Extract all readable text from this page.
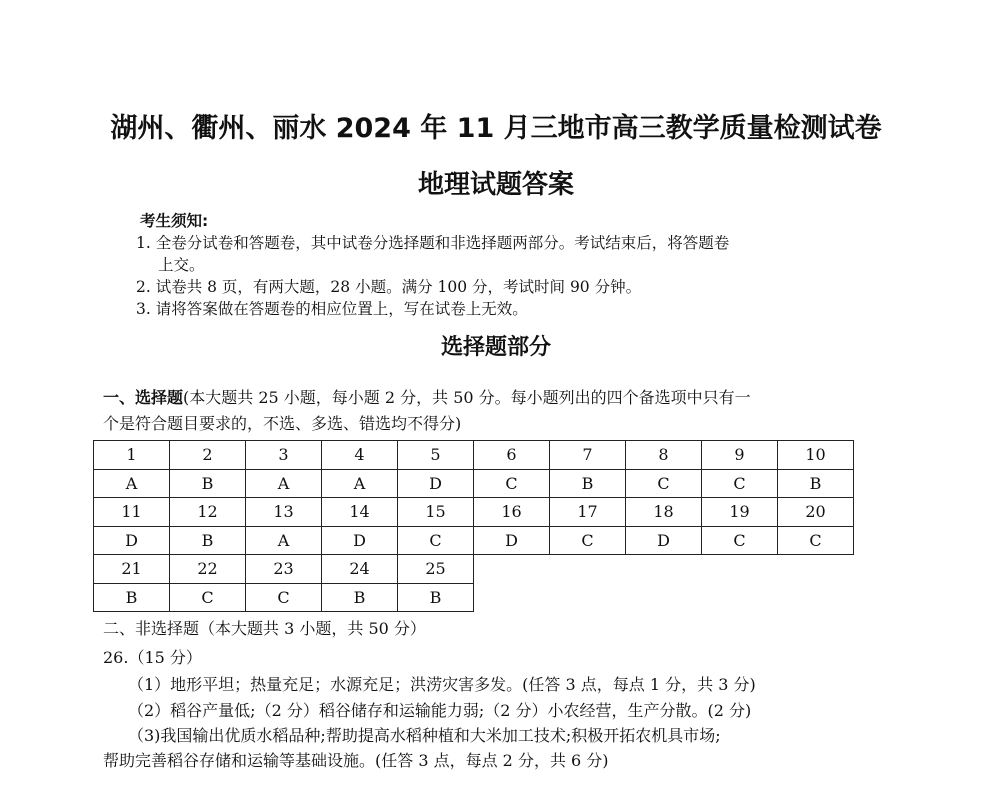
湖州、衢州、丽水 2024 年 11 月三地市高三教学质量检测试卷
地理试题答案
考生须知:
1. 全卷分试卷和答题卷，其中试卷分选择题和非选择题两部分。考试结束后，将答题卷
上交。
2. 试卷共 8 页，有两大题，28 小题。满分 100 分，考试时间 90 分钟。
3. 请将答案做在答题卷的相应位置上，写在试卷上无效。
选择题部分
一、选择题(本大题共 25 小题，每小题 2 分，共 50 分。每小题列出的四个备选项中只有一
个是符合题目要求的，不选、多选、错选均不得分)
1	2	3	4	5	6	7	8	9	10
A	B	A	A	D	C	B	C	C	B
11	12	13	14	15	16	17	18	19	20
D	B	A	D	C	D	C	D	C	C
21	22	23	24	25					
B	C	C	B	B					
二、非选择题（本大题共 3 小题，共 50 分）
26.（15 分）
（1）地形平坦；热量充足；水源充足；洪涝灾害多发。(任答 3 点，每点 1 分，共 3 分)
（2）稻谷产量低;（2 分）稻谷储存和运输能力弱;（2 分）小农经营，生产分散。(2 分)
（3)我国输出优质水稻品种;帮助提高水稻种植和大米加工技术;积极开拓农机具市场;
帮助完善稻谷存储和运输等基础设施。(任答 3 点，每点 2 分，共 6 分)
